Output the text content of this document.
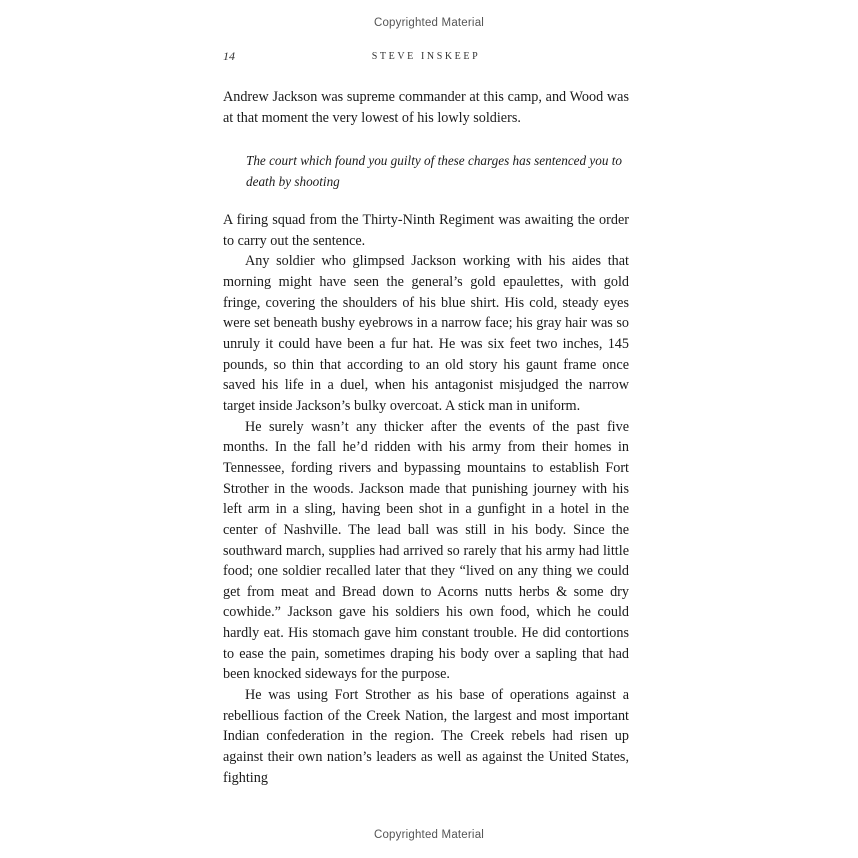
Copyrighted Material
14	STEVE INSKEEP

Andrew Jackson was supreme commander at this camp, and Wood was at that moment the very lowest of his lowly soldiers.

The court which found you guilty of these charges has sentenced you to death by shooting

A firing squad from the Thirty-Ninth Regiment was awaiting the order to carry out the sentence.

Any soldier who glimpsed Jackson working with his aides that morning might have seen the general’s gold epaulettes, with gold fringe, covering the shoulders of his blue shirt. His cold, steady eyes were set beneath bushy eyebrows in a narrow face; his gray hair was so unruly it could have been a fur hat. He was six feet two inches, 145 pounds, so thin that according to an old story his gaunt frame once saved his life in a duel, when his antagonist misjudged the narrow target inside Jackson’s bulky overcoat. A stick man in uniform.

He surely wasn’t any thicker after the events of the past five months. In the fall he’d ridden with his army from their homes in Tennessee, fording rivers and bypassing mountains to establish Fort Strother in the woods. Jackson made that punishing journey with his left arm in a sling, having been shot in a gunfight in a hotel in the center of Nashville. The lead ball was still in his body. Since the southward march, supplies had arrived so rarely that his army had little food; one soldier recalled later that they “lived on any thing we could get from meat and Bread down to Acorns nutts herbs & some dry cowhide.” Jackson gave his soldiers his own food, which he could hardly eat. His stomach gave him constant trouble. He did contortions to ease the pain, sometimes draping his body over a sapling that had been knocked sideways for the purpose.

He was using Fort Strother as his base of operations against a rebellious faction of the Creek Nation, the largest and most important Indian confederation in the region. The Creek rebels had risen up against their own nation’s leaders as well as against the United States, fighting

Copyrighted Material
